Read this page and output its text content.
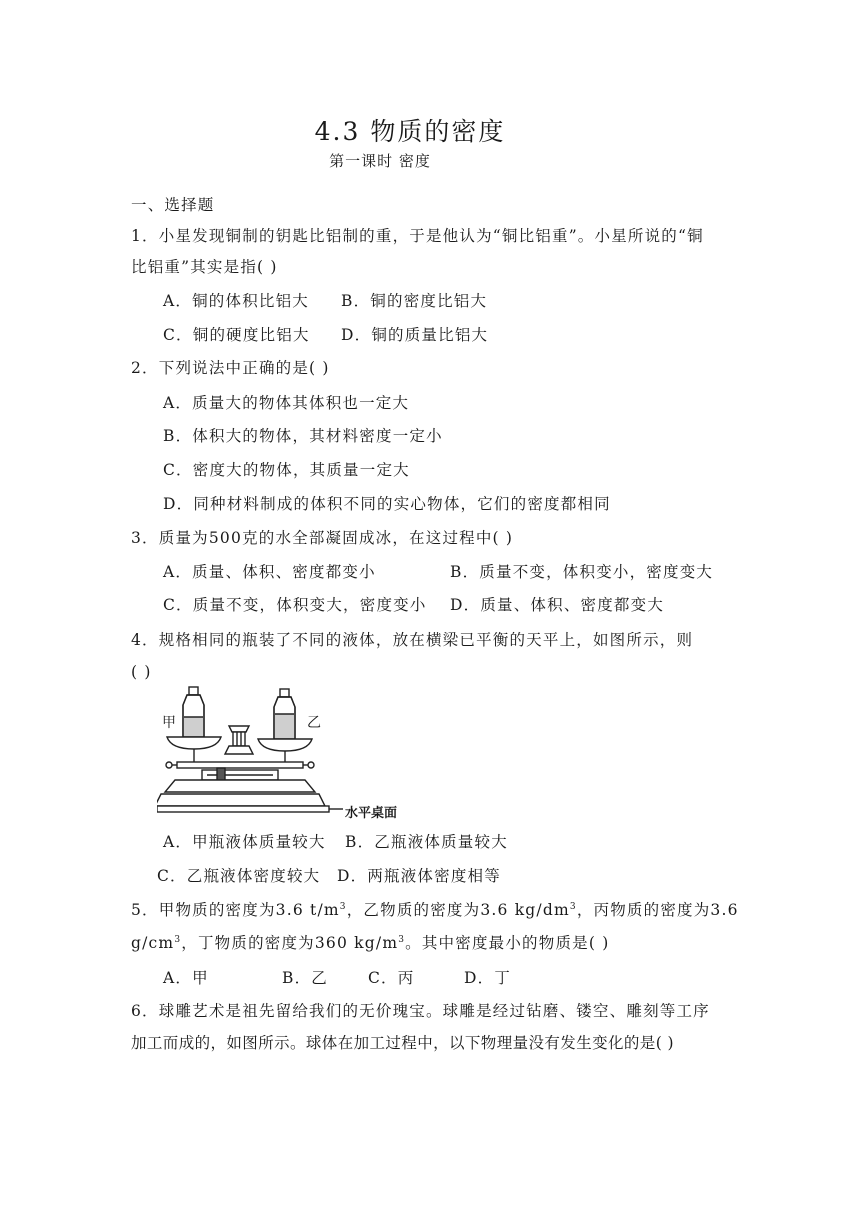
4.3 物质的密度
第一课时 密度
一、选择题
1．小星发现铜制的钥匙比铝制的重，于是他认为“铜比铝重”。小星所说的“铜
比铝重”其实是指( )
A．铜的体积比铝大 B．铜的密度比铝大
C．铜的硬度比铝大 D．铜的质量比铝大
2．下列说法中正确的是( )
A．质量大的物体其体积也一定大
B．体积大的物体，其材料密度一定小
C．密度大的物体，其质量一定大
D．同种材料制成的体积不同的实心物体，它们的密度都相同
3．质量为500克的水全部凝固成冰，在这过程中( )
A．质量、体积、密度都变小	B．质量不变，体积变小，密度变大
C．质量不变，体积变大，密度变小 D．质量、体积、密度都变大
4．规格相同的瓶装了不同的液体，放在横梁已平衡的天平上，如图所示，则
( )
甲	乙
水平桌面
A．甲瓶液体质量较大 B．乙瓶液体质量较大
C．乙瓶液体密度较大 D．两瓶液体密度相等
5．甲物质的密度为3.6 $t/m^3$，乙物质的密度为3.6 $kg/dm^3$，丙物质的密度为3.6
$g/cm^3$，丁物质的密度为360 $kg/m^3$。其中密度最小的物质是( )
A．甲	B．乙	C．丙	D．丁
6．球雕艺术是祖先留给我们的无价瑰宝。球雕是经过钻磨、镂空、雕刻等工序
加工而成的，如图所示。球体在加工过程中，以下物理量没有发生变化的是( )
